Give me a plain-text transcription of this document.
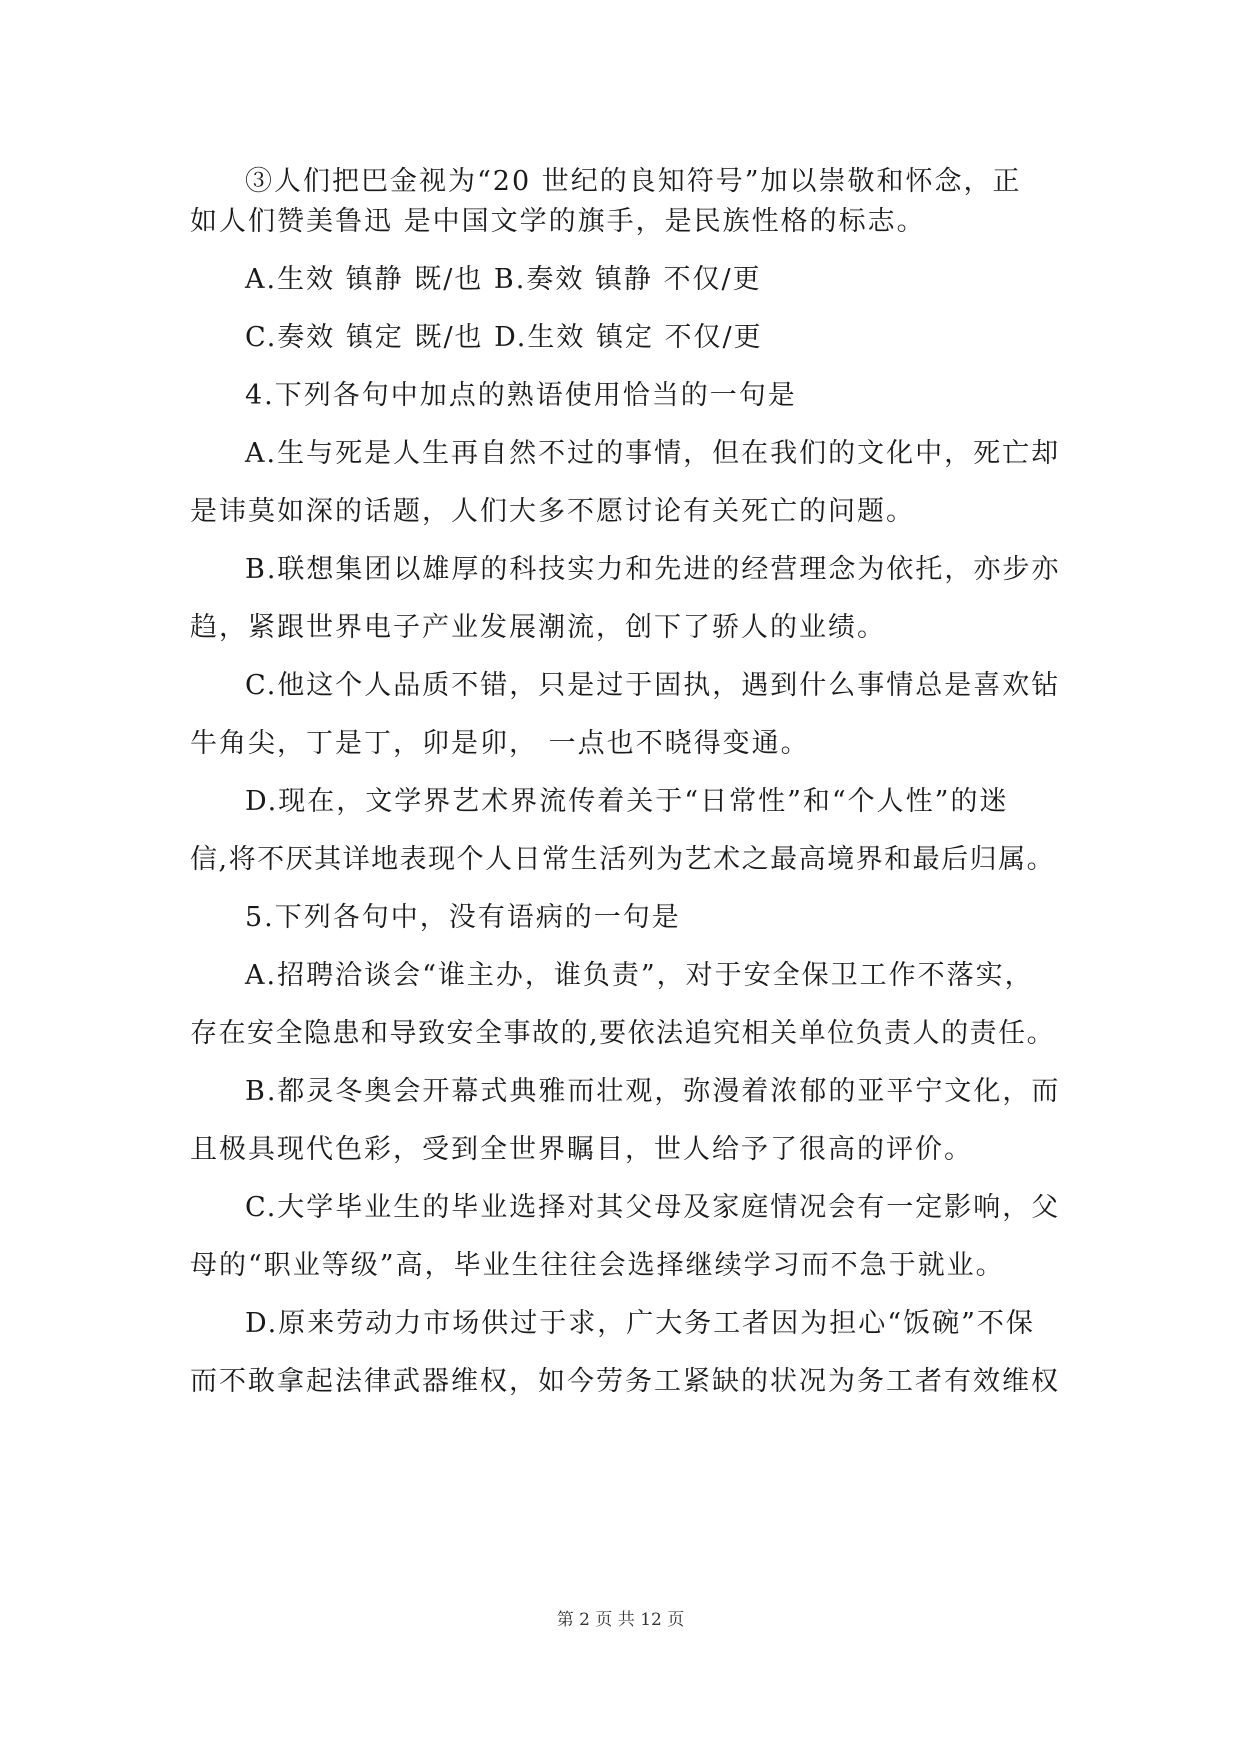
③人们把巴金视为“20 世纪的良知符号”加以崇敬和怀念，正
如人们赞美鲁迅 是中国文学的旗手，是民族性格的标志。
A.生效 镇静 既/也 B.奏效 镇静 不仅/更
C.奏效 镇定 既/也 D.生效 镇定 不仅/更
4.下列各句中加点的熟语使用恰当的一句是
A.生与死是人生再自然不过的事情，但在我们的文化中，死亡却
是讳莫如深的话题，人们大多不愿讨论有关死亡的问题。
B.联想集团以雄厚的科技实力和先进的经营理念为依托，亦步亦
趋，紧跟世界电子产业发展潮流，创下了骄人的业绩。
C.他这个人品质不错，只是过于固执，遇到什么事情总是喜欢钻
牛角尖，丁是丁，卯是卯， 一点也不晓得变通。
D.现在，文学界艺术界流传着关于“日常性”和“个人性”的迷
信,将不厌其详地表现个人日常生活列为艺术之最高境界和最后归属。
5.下列各句中，没有语病的一句是
A.招聘洽谈会“谁主办，谁负责”，对于安全保卫工作不落实，
存在安全隐患和导致安全事故的,要依法追究相关单位负责人的责任。
B.都灵冬奥会开幕式典雅而壮观，弥漫着浓郁的亚平宁文化，而
且极具现代色彩，受到全世界瞩目，世人给予了很高的评价。
C.大学毕业生的毕业选择对其父母及家庭情况会有一定影响，父
母的“职业等级”高，毕业生往往会选择继续学习而不急于就业。
D.原来劳动力市场供过于求，广大务工者因为担心“饭碗”不保
而不敢拿起法律武器维权，如今劳务工紧缺的状况为务工者有效维权
第 2 页 共 12 页
